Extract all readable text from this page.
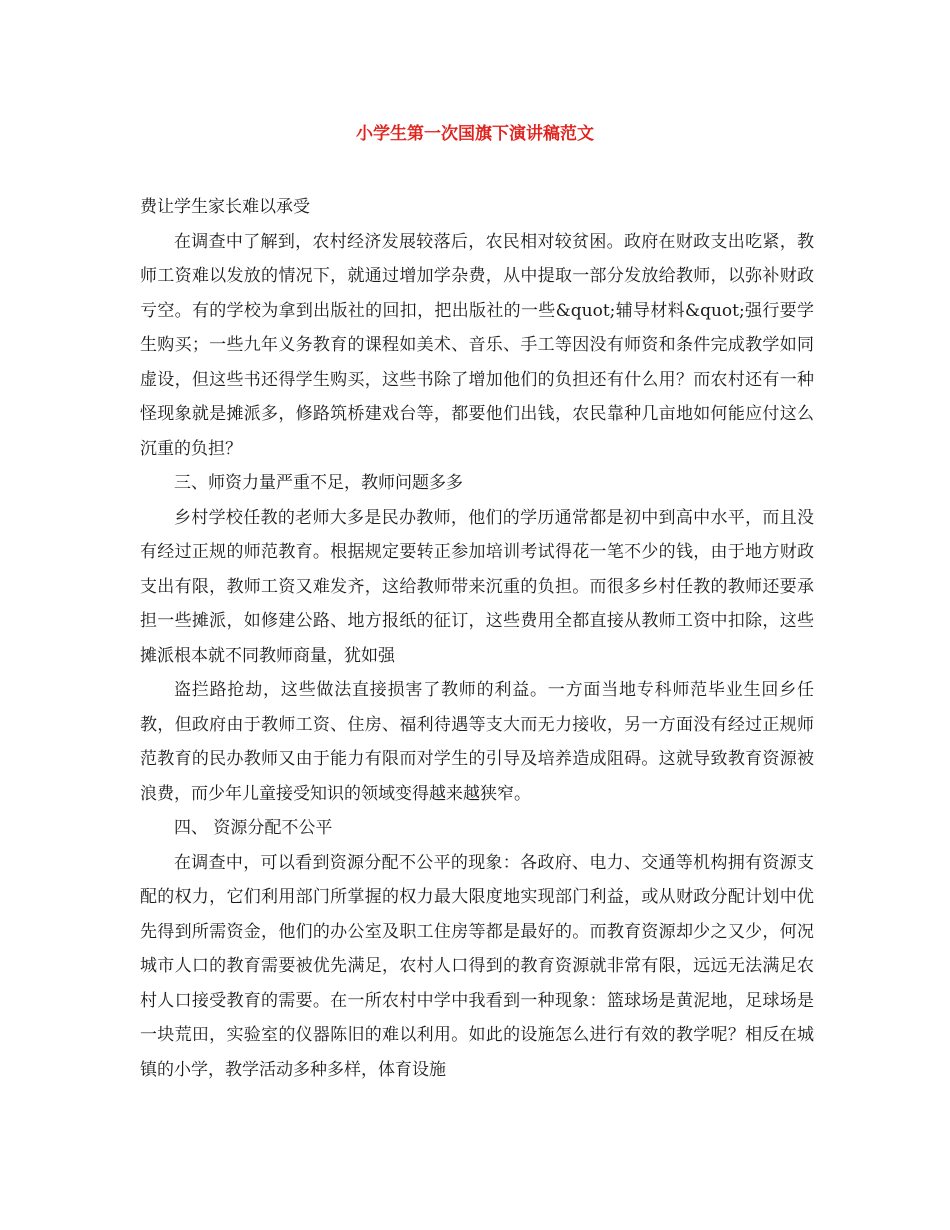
小学生第一次国旗下演讲稿范文

费让学生家长难以承受

在调查中了解到，农村经济发展较落后，农民相对较贫困。政府在财政支出吃紧，教师工资难以发放的情况下，就通过增加学杂费，从中提取一部分发放给教师，以弥补财政亏空。有的学校为拿到出版社的回扣，把出版社的一些&quot;辅导材料&quot;强行要学生购买；一些九年义务教育的课程如美术、音乐、手工等因没有师资和条件完成教学如同虚设，但这些书还得学生购买，这些书除了增加他们的负担还有什么用？而农村还有一种怪现象就是摊派多，修路筑桥建戏台等，都要他们出钱，农民靠种几亩地如何能应付这么沉重的负担？

三、师资力量严重不足，教师问题多多

乡村学校任教的老师大多是民办教师，他们的学历通常都是初中到高中水平，而且没有经过正规的师范教育。根据规定要转正参加培训考试得花一笔不少的钱，由于地方财政支出有限，教师工资又难发齐，这给教师带来沉重的负担。而很多乡村任教的教师还要承担一些摊派，如修建公路、地方报纸的征订，这些费用全都直接从教师工资中扣除，这些摊派根本就不同教师商量，犹如强

盗拦路抢劫，这些做法直接损害了教师的利益。一方面当地专科师范毕业生回乡任教，但政府由于教师工资、住房、福利待遇等支大而无力接收，另一方面没有经过正规师范教育的民办教师又由于能力有限而对学生的引导及培养造成阻碍。这就导致教育资源被浪费，而少年儿童接受知识的领域变得越来越狭窄。

四、 资源分配不公平

在调查中，可以看到资源分配不公平的现象：各政府、电力、交通等机构拥有资源支配的权力，它们利用部门所掌握的权力最大限度地实现部门利益，或从财政分配计划中优先得到所需资金，他们的办公室及职工住房等都是最好的。而教育资源却少之又少，何况城市人口的教育需要被优先满足，农村人口得到的教育资源就非常有限，远远无法满足农村人口接受教育的需要。在一所农村中学中我看到一种现象：篮球场是黄泥地，足球场是一块荒田，实验室的仪器陈旧的难以利用。如此的设施怎么进行有效的教学呢？相反在城镇的小学，教学活动多种多样，体育设施
